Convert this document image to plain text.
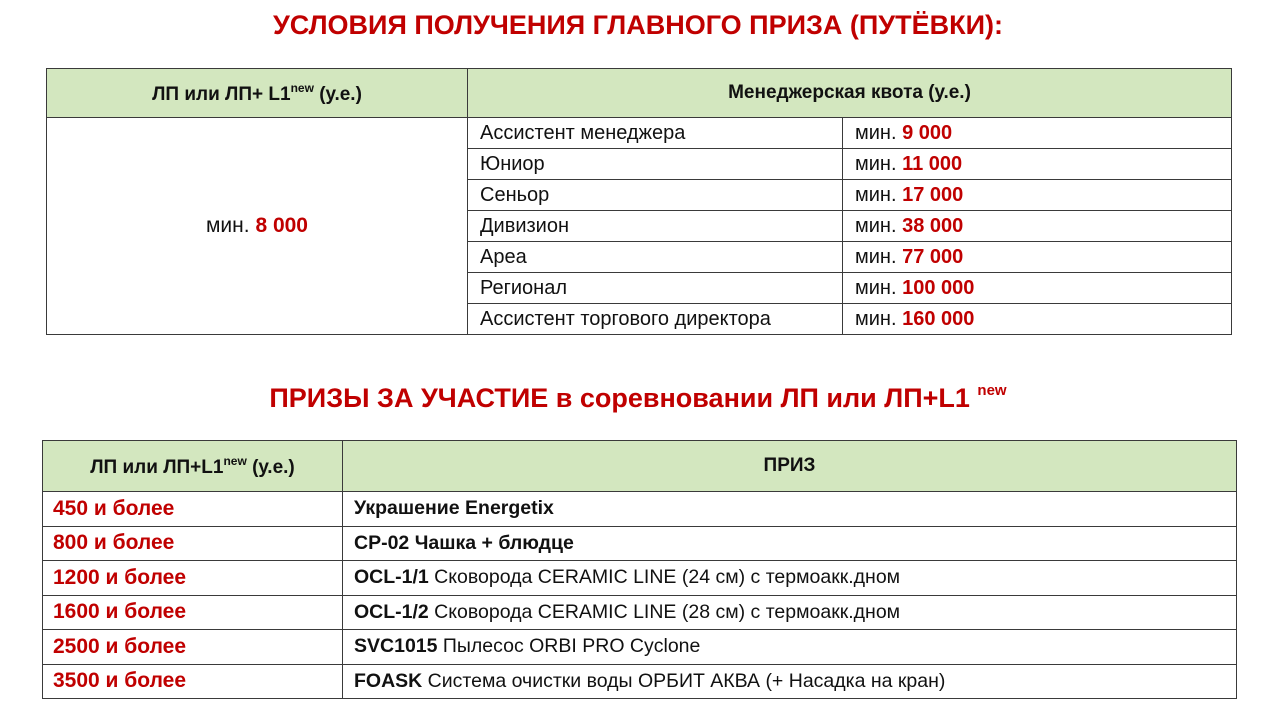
УСЛОВИЯ ПОЛУЧЕНИЯ ГЛАВНОГО ПРИЗА (ПУТЁВКИ):
ЛП или $ЛП+ L1^{new}$ (у.е.)	Менеджерская квота (у.е.)	
мин. 8 000	Ассистент менеджера	мин. 9 000
	Юниор	мин. 11 000
	Сеньор	мин. 17 000
	Дивизион	мин. 38 000
	Ареа	мин. 77 000
	Регионал	мин. 100 000
	Ассистент торгового директора	мин. 160 000
ПРИЗЫ ЗА УЧАСТИЕ в соревновании ЛП или ЛП+L1 $^{new}$
ЛП или $ЛП+L1^{new}$ (у.е.)	ПРИЗ
450 и более	Украшение Energetix
800 и более	CP-02 Чашка + блюдце
1200 и более	OCL-1/1 Сковорода CERAMIC LINE (24 см) с термоакк.дном
1600 и более	OCL-1/2 Сковорода CERAMIC LINE (28 см) с термоакк.дном
2500 и более	SVC1015 Пылесос ORBI PRO Cyclone
3500 и более	FOASK Система очистки воды ОРБИТ АКВА (+ Насадка на кран)
